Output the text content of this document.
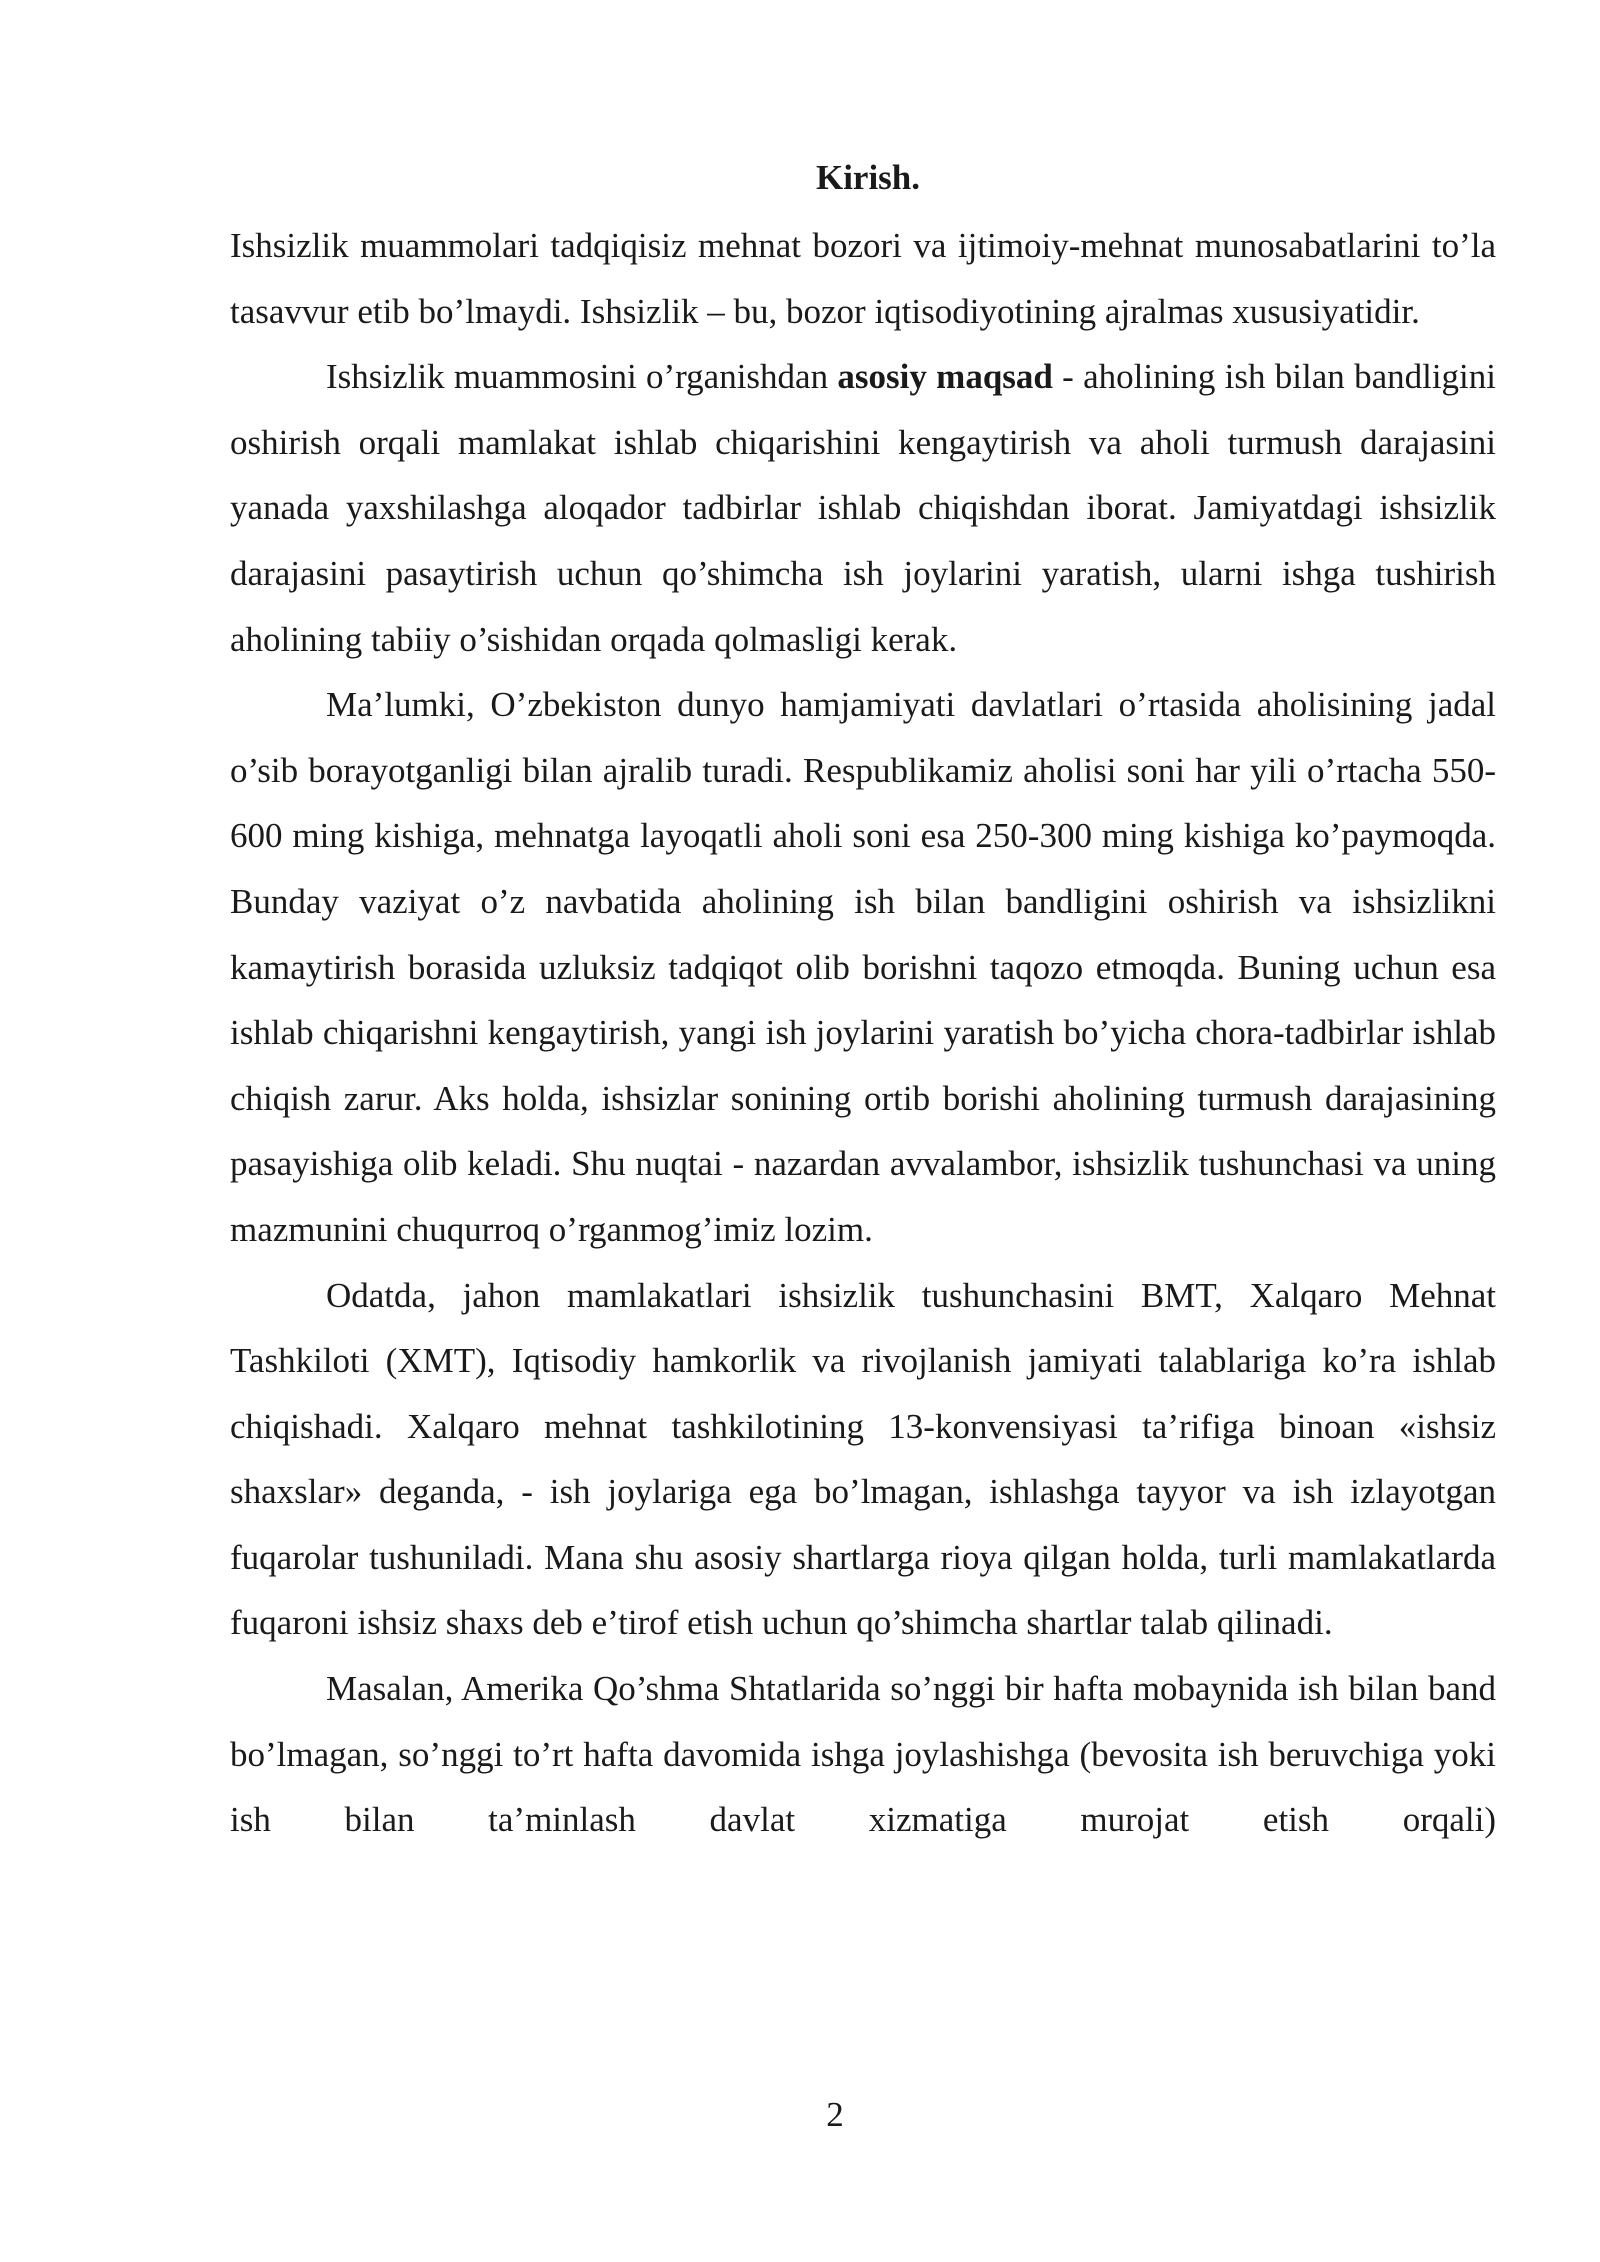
Kirish.

Ishsizlik muammolari tadqiqisiz mehnat bozori va ijtimoiy-mehnat munosabatlarini to’la tasavvur etib bo’lmaydi. Ishsizlik – bu, bozor iqtisodiyotining ajralmas xususiyatidir.

Ishsizlik muammosini o’rganishdan asosiy maqsad - aholining ish bilan bandligini oshirish orqali mamlakat ishlab chiqarishini kengaytirish va aholi turmush darajasini yanada yaxshilashga aloqador tadbirlar ishlab chiqishdan iborat. Jamiyatdagi ishsizlik darajasini pasaytirish uchun qo’shimcha ish joylarini yaratish, ularni ishga tushirish aholining tabiiy o’sishidan orqada qolmasligi kerak.

Ma’lumki, O’zbekiston dunyo hamjamiyati davlatlari o’rtasida aholisining jadal o’sib borayotganligi bilan ajralib turadi. Respublikamiz aholisi soni har yili o’rtacha 550-600 ming kishiga, mehnatga layoqatli aholi soni esa 250-300 ming kishiga ko’paymoqda. Bunday vaziyat o’z navbatida aholining ish bilan bandligini oshirish va ishsizlikni kamaytirish borasida uzluksiz tadqiqot olib borishni taqozo etmoqda. Buning uchun esa ishlab chiqarishni kengaytirish, yangi ish joylarini yaratish bo’yicha chora-tadbirlar ishlab chiqish zarur. Aks holda, ishsizlar sonining ortib borishi aholining turmush darajasining pasayishiga olib keladi. Shu nuqtai - nazardan avvalambor, ishsizlik tushunchasi va uning mazmunini chuqurroq o’rganmog’imiz lozim.

Odatda, jahon mamlakatlari ishsizlik tushunchasini BMT, Xalqaro Mehnat Tashkiloti (XMT), Iqtisodiy hamkorlik va rivojlanish jamiyati talablariga ko’ra ishlab chiqishadi. Xalqaro mehnat tashkilotining 13-konvensiyasi ta’rifiga binoan «ishsiz shaxslar» deganda, - ish joylariga ega bo’lmagan, ishlashga tayyor va ish izlayotgan fuqarolar tushuniladi. Mana shu asosiy shartlarga rioya qilgan holda, turli mamlakatlarda fuqaroni ishsiz shaxs deb e’tirof etish uchun qo’shimcha shartlar talab qilinadi.

Masalan, Amerika Qo’shma Shtatlarida so’nggi bir hafta mobaynida ish bilan band bo’lmagan, so’nggi to’rt hafta davomida ishga joylashishga (bevosita ish beruvchiga yoki ish bilan ta’minlash davlat xizmatiga murojat etish orqali)

2
